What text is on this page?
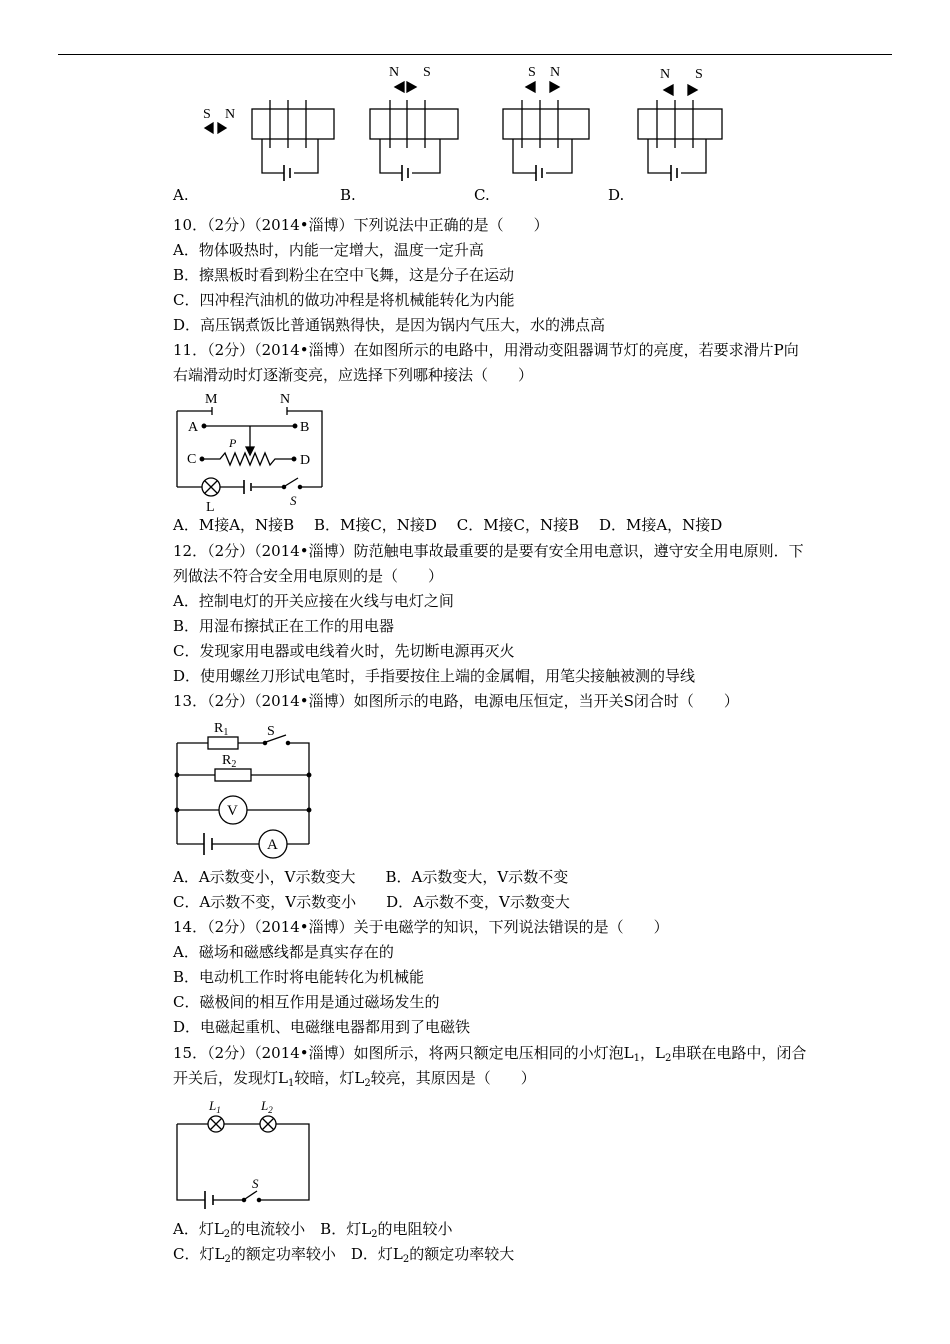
S N
N S	S N	N S
A.	B.	C.	D.
10．（2分）（2014•淄博）下列说法中正确的是（　　）
A．物体吸热时，内能一定增大，温度一定升高
B．擦黑板时看到粉尘在空中飞舞，这是分子在运动
C．四冲程汽油机的做功冲程是将机械能转化为内能
D．高压锅煮饭比普通锅熟得快，是因为锅内气压大，水的沸点高
11．（2分）（2014•淄博）在如图所示的电路中，用滑动变阻器调节灯的亮度，若要求滑片P向
右端滑动时灯逐渐变亮，应选择下列哪种接法（　　）
M	N
A	B
P
C	D
L	S
A．M接A，N接B　 B．M接C，N接D　 C．M接C，N接B　 D．M接A，N接D
12．（2分）（2014•淄博）防范触电事故最重要的是要有安全用电意识，遵守安全用电原则．下
列做法不符合安全用电原则的是（　　）
A．控制电灯的开关应接在火线与电灯之间
B．用湿布擦拭正在工作的用电器
C．发现家用电器或电线着火时，先切断电源再灭火
D．使用螺丝刀形试电笔时，手指要按住上端的金属帽，用笔尖接触被测的导线
13．（2分）（2014•淄博）如图所示的电路，电源电压恒定，当开关S闭合时（　　）
$R_1$	S
$R_2$
V
A
A．A示数变小，V示数变大　　B．A示数变大，V示数不变
C．A示数不变，V示数变小　　D．A示数不变，V示数变大
14．（2分）（2014•淄博）关于电磁学的知识，下列说法错误的是（　　）
A．磁场和磁感线都是真实存在的
B．电动机工作时将电能转化为机械能
C．磁极间的相互作用是通过磁场发生的
D．电磁起重机、电磁继电器都用到了电磁铁
15．（2分）（2014•淄博）如图所示，将两只额定电压相同的小灯泡$L_1$，$L_2$串联在电路中，闭合
开关后，发现灯$L_1$较暗，灯$L_2$较亮，其原因是（　　）
$L_1$	$L_2$
S
A．灯$L_2$的电流较小　B．灯$L_2$的电阻较小
C．灯$L_2$的额定功率较小　D．灯$L_2$的额定功率较大
